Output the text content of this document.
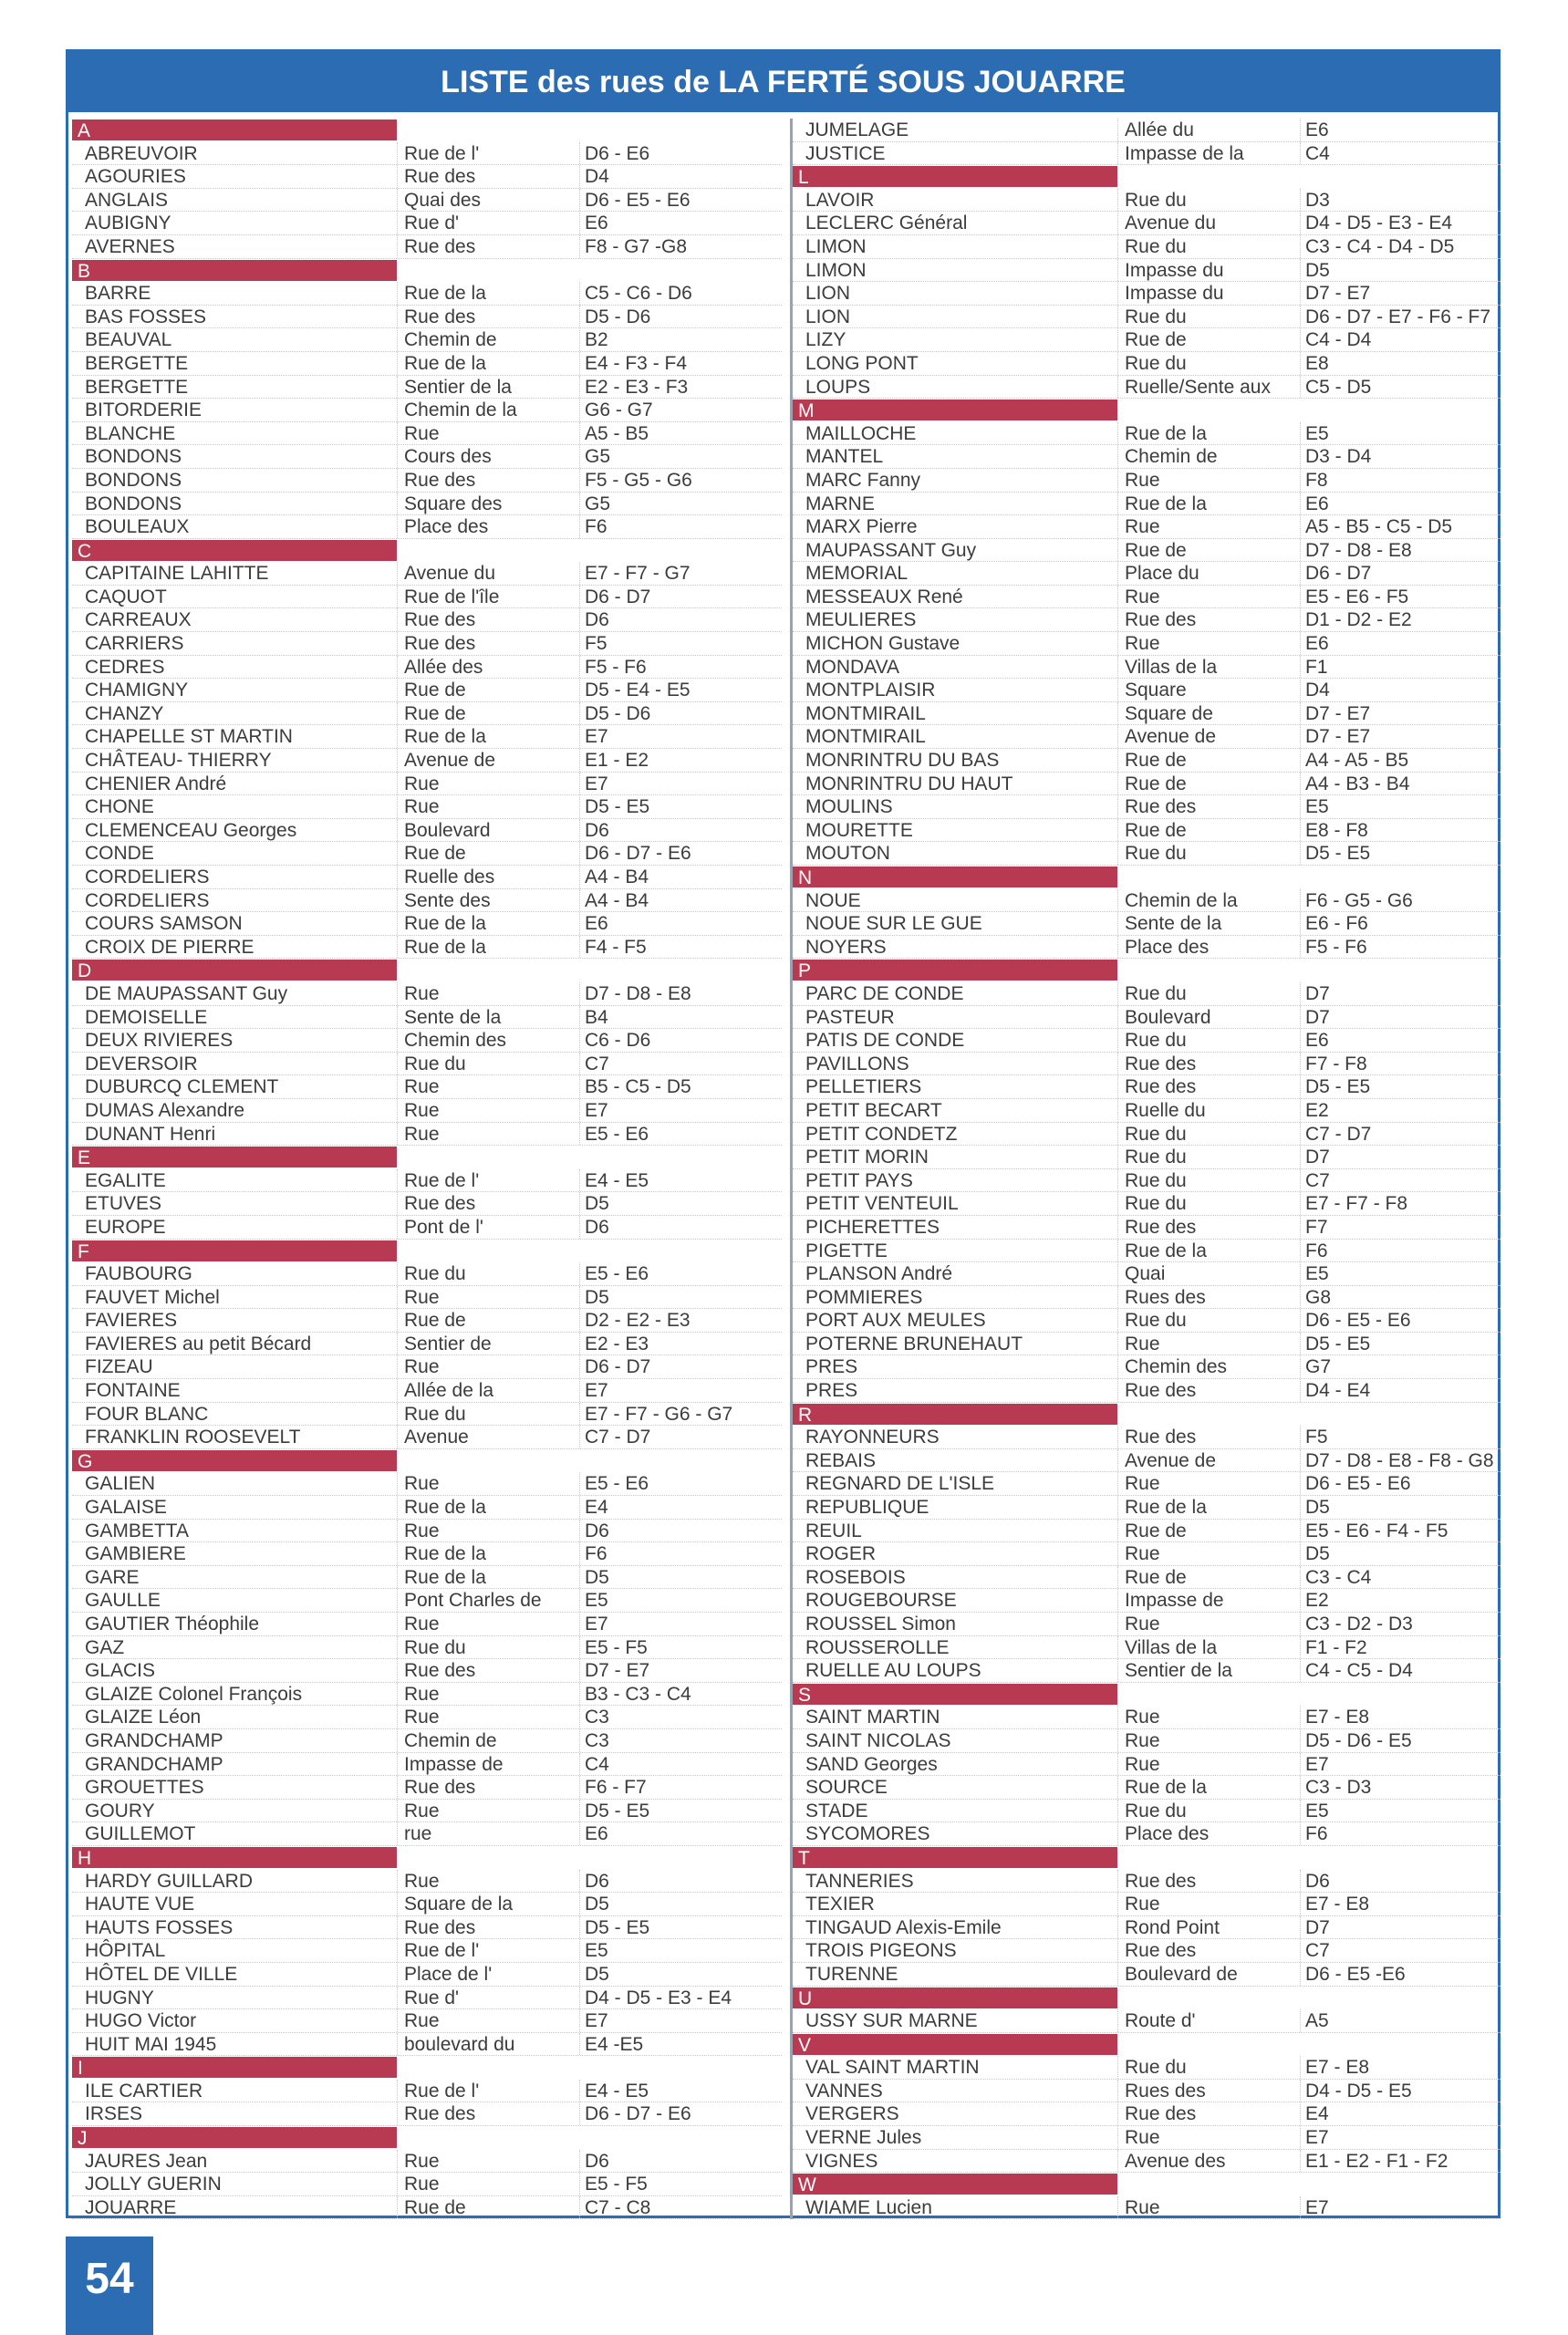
LISTE des rues de LA FERTÉ SOUS JOUARRE
A
ABREUVOIR	Rue de l'	D6 - E6
AGOURIES	Rue des	D4
ANGLAIS	Quai des	D6 - E5 - E6
AUBIGNY	Rue d'	E6
AVERNES	Rue des	F8 - G7 -G8
B
BARRE	Rue de la	C5 - C6 - D6
BAS FOSSES	Rue des	D5 - D6
BEAUVAL	Chemin de	B2
BERGETTE	Rue de la	E4 - F3 - F4
BERGETTE	Sentier de la	E2 - E3 - F3
BITORDERIE	Chemin de la	G6 - G7
BLANCHE	Rue	A5 - B5
BONDONS	Cours des	G5
BONDONS	Rue des	F5 - G5 - G6
BONDONS	Square des	G5
BOULEAUX	Place des	F6
C
CAPITAINE LAHITTE	Avenue du	E7 - F7 - G7
CAQUOT	Rue de l'île	D6 - D7
CARREAUX	Rue des	D6
CARRIERS	Rue des	F5
CEDRES	Allée des	F5 - F6
CHAMIGNY	Rue de	D5 - E4 - E5
CHANZY	Rue de	D5 - D6
CHAPELLE ST MARTIN	Rue de la	E7
CHÂTEAU- THIERRY	Avenue de	E1 - E2
CHENIER André	Rue	E7
CHONE	Rue	D5 - E5
CLEMENCEAU Georges	Boulevard	D6
CONDE	Rue de	D6 - D7 - E6
CORDELIERS	Ruelle des	A4 - B4
CORDELIERS	Sente des	A4 - B4
COURS SAMSON	Rue de la	E6
CROIX DE PIERRE	Rue de la	F4 - F5
D
DE MAUPASSANT Guy	Rue	D7 - D8 - E8
DEMOISELLE	Sente de la	B4
DEUX RIVIERES	Chemin des	C6 - D6
DEVERSOIR	Rue du	C7
DUBURCQ CLEMENT	Rue	B5 - C5 - D5
DUMAS Alexandre	Rue	E7
DUNANT Henri	Rue	E5 - E6
E
EGALITE	Rue de l'	E4 - E5
ETUVES	Rue des	D5
EUROPE	Pont de l'	D6
F
FAUBOURG	Rue du	E5 - E6
FAUVET Michel	Rue	D5
FAVIERES	Rue de	D2 - E2 - E3
FAVIERES au petit Bécard	Sentier de	E2 - E3
FIZEAU	Rue	D6 - D7
FONTAINE	Allée de la	E7
FOUR BLANC	Rue du	E7 - F7 - G6 - G7
FRANKLIN ROOSEVELT	Avenue	C7 - D7
G
GALIEN	Rue	E5 - E6
GALAISE	Rue de la	E4
GAMBETTA	Rue	D6
GAMBIERE	Rue de la	F6
GARE	Rue de la	D5
GAULLE	Pont Charles de E5
GAUTIER Théophile	Rue	E7
GAZ	Rue du	E5 - F5
GLACIS	Rue des	D7 - E7
GLAIZE Colonel François	Rue	B3 - C3 - C4
GLAIZE Léon	Rue	C3
GRANDCHAMP	Chemin de	C3
GRANDCHAMP	Impasse de	C4
GROUETTES	Rue des	F6 - F7
GOURY	Rue	D5 - E5
GUILLEMOT	rue	E6
H
HARDY GUILLARD	Rue	D6
HAUTE VUE	Square de la	D5
HAUTS FOSSES	Rue des	D5 - E5
HÔPITAL	Rue de l'	E5
HÔTEL DE VILLE	Place de l'	D5
HUGNY	Rue d'	D4 - D5 - E3 - E4
HUGO Victor	Rue	E7
HUIT MAI 1945	boulevard du	E4 -E5
I
ILE CARTIER	Rue de l'	E4 - E5
IRSES	Rue des	D6 - D7 - E6
J
JAURES Jean	Rue	D6
JOLLY GUERIN	Rue	E5 - F5
JOUARRE	Rue de	C7 - C8
JUMELAGE	Allée du	E6
JUSTICE	Impasse de la	C4
L
LAVOIR	Rue du	D3
LECLERC Général	Avenue du	D4 - D5 - E3 - E4
LIMON	Rue du	C3 - C4 - D4 - D5
LIMON	Impasse du	D5
LION	Impasse du	D7 - E7
LION	Rue du	D6 - D7 - E7 - F6 - F7
LIZY	Rue de	C4 - D4
LONG PONT	Rue du	E8
LOUPS	Ruelle/Sente aux C5 - D5
M
MAILLOCHE	Rue de la	E5
MANTEL	Chemin de	D3 - D4
MARC Fanny	Rue	F8
MARNE	Rue de la	E6
MARX Pierre	Rue	A5 - B5 - C5 - D5
MAUPASSANT Guy	Rue de	D7 - D8 - E8
MEMORIAL	Place du	D6 - D7
MESSEAUX René	Rue	E5 - E6 - F5
MEULIERES	Rue des	D1 - D2 - E2
MICHON Gustave	Rue	E6
MONDAVA	Villas de la	F1
MONTPLAISIR	Square	D4
MONTMIRAIL	Square de	D7 - E7
MONTMIRAIL	Avenue de	D7 - E7
MONRINTRU DU BAS	Rue de	A4 - A5 - B5
MONRINTRU DU HAUT	Rue de	A4 - B3 - B4
MOULINS	Rue des	E5
MOURETTE	Rue de	E8 - F8
MOUTON	Rue du	D5 - E5
N
NOUE	Chemin de la	F6 - G5 - G6
NOUE SUR LE GUE	Sente de la	E6 - F6
NOYERS	Place des	F5 - F6
P
PARC DE CONDE	Rue du	D7
PASTEUR	Boulevard	D7
PATIS DE CONDE	Rue du	E6
PAVILLONS	Rue des	F7 - F8
PELLETIERS	Rue des	D5 - E5
PETIT BECART	Ruelle du	E2
PETIT CONDETZ	Rue du	C7 - D7
PETIT MORIN	Rue du	D7
PETIT PAYS	Rue du	C7
PETIT VENTEUIL	Rue du	E7 - F7 - F8
PICHERETTES	Rue des	F7
PIGETTE	Rue de la	F6
PLANSON André	Quai	E5
POMMIERES	Rues des	G8
PORT AUX MEULES	Rue du	D6 - E5 - E6
POTERNE BRUNEHAUT	Rue	D5 - E5
PRES	Chemin des	G7
PRES	Rue des	D4 - E4
R
RAYONNEURS	Rue des	F5
REBAIS	Avenue de	D7 - D8 - E8 - F8 - G8
REGNARD DE L'ISLE	Rue	D6 - E5 - E6
REPUBLIQUE	Rue de la	D5
REUIL	Rue de	E5 - E6 - F4 - F5
ROGER	Rue	D5
ROSEBOIS	Rue de	C3 - C4
ROUGEBOURSE	Impasse de	E2
ROUSSEL Simon	Rue	C3 - D2 - D3
ROUSSEROLLE	Villas de la	F1 - F2
RUELLE AU LOUPS	Sentier de la	C4 - C5 - D4
S
SAINT MARTIN	Rue	E7 - E8
SAINT NICOLAS	Rue	D5 - D6 - E5
SAND Georges	Rue	E7
SOURCE	Rue de la	C3 - D3
STADE	Rue du	E5
SYCOMORES	Place des	F6
T
TANNERIES	Rue des	D6
TEXIER	Rue	E7 - E8
TINGAUD Alexis-Emile	Rond Point	D7
TROIS PIGEONS	Rue des	C7
TURENNE	Boulevard de	D6 - E5 -E6
U
USSY SUR MARNE	Route d'	A5
V
VAL SAINT MARTIN	Rue du	E7 - E8
VANNES	Rues des	D4 - D5 - E5
VERGERS	Rue des	E4
VERNE Jules	Rue	E7
VIGNES	Avenue des	E1 - E2 - F1 - F2
W
WIAME Lucien	Rue	E7
54
